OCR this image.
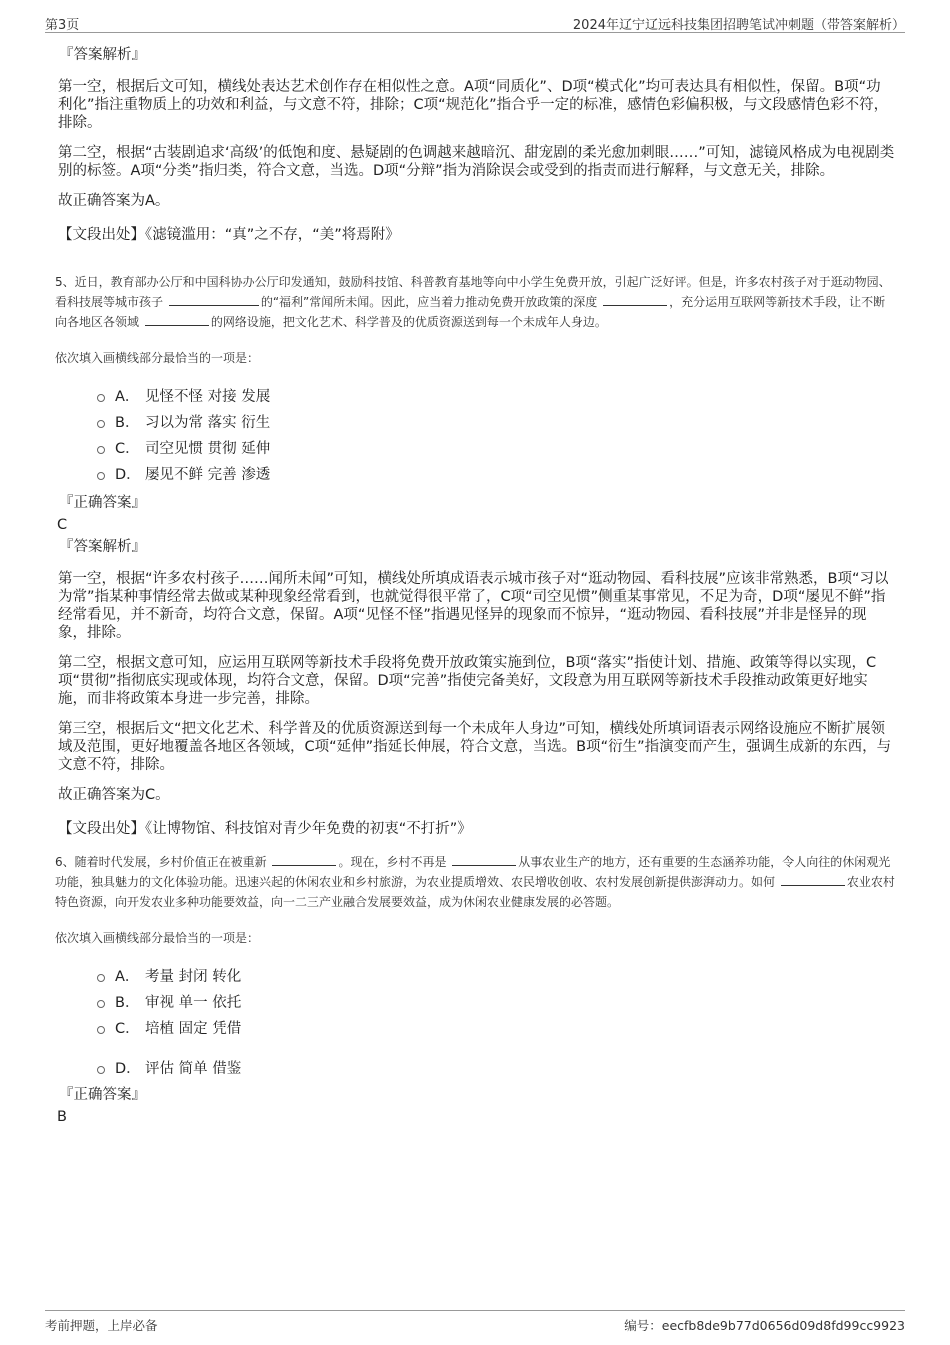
第3页	2024年辽宁辽远科技集团招聘笔试冲刺题（带答案解析）
『答案解析』

第一空，根据后文可知，横线处表达艺术创作存在相似性之意。A项“同质化”、D项“模式化”均可表达具有相似性，保留。B项“功利化”指注重物质上的功效和利益，与文意不符，排除；C项“规范化”指合乎一定的标准，感情色彩偏积极，与文段感情色彩不符，排除。

第二空，根据“古装剧追求‘高级’的低饱和度、悬疑剧的色调越来越暗沉、甜宠剧的柔光愈加刺眼……”可知，滤镜风格成为电视剧类别的标签。A项“分类”指归类，符合文意，当选。D项“分辩”指为消除误会或受到的指责而进行解释，与文意无关，排除。

故正确答案为A。

【文段出处】《滤镜滥用：“真”之不存，“美”将焉附》
5、近日，教育部办公厅和中国科协办公厅印发通知，鼓励科技馆、科普教育基地等向中小学生免费开放，引起广泛好评。但是，许多农村孩子对于逛动物园、看科技展等城市孩子	的“福利”常闻所未闻。因此，应当着力推动免费开放政策的深度	，充分运用互联网等新技术手段，让不断向各地区各领域	的网络设施，把文化艺术、科学普及的优质资源送到每一个未成年人身边。
依次填入画横线部分最恰当的一项是：
A． 见怪不怪 对接 发展
B． 习以为常 落实 衍生
C． 司空见惯 贯彻 延伸
D． 屡见不鲜 完善 渗透
『正确答案』
C
『答案解析』

第一空，根据“许多农村孩子……闻所未闻”可知，横线处所填成语表示城市孩子对“逛动物园、看科技展”应该非常熟悉，B项“习以为常”指某种事情经常去做或某种现象经常看到，也就觉得很平常了，C项“司空见惯”侧重某事常见，不足为奇，D项“屡见不鲜”指经常看见，并不新奇，均符合文意，保留。A项“见怪不怪”指遇见怪异的现象而不惊异，“逛动物园、看科技展”并非是怪异的现象，排除。

第二空，根据文意可知，应运用互联网等新技术手段将免费开放政策实施到位，B项“落实”指使计划、措施、政策等得以实现，C项“贯彻”指彻底实现或体现，均符合文意，保留。D项“完善”指使完备美好，文段意为用互联网等新技术手段推动政策更好地实施，而非将政策本身进一步完善，排除。

第三空，根据后文“把文化艺术、科学普及的优质资源送到每一个未成年人身边”可知，横线处所填词语表示网络设施应不断扩展领域及范围，更好地覆盖各地区各领域，C项“延伸”指延长伸展，符合文意，当选。B项“衍生”指演变而产生，强调生成新的东西，与文意不符，排除。

故正确答案为C。

【文段出处】《让博物馆、科技馆对青少年免费的初衷“不打折”》
6、随着时代发展，乡村价值正在被重新	。现在，乡村不再是	从事农业生产的地方，还有重要的生态涵养功能，令人向往的休闲观光功能，独具魅力的文化体验功能。迅速兴起的休闲农业和乡村旅游，为农业提质增效、农民增收创收、农村发展创新提供澎湃动力。如何	农业农村特色资源，向开发农业多种功能要效益，向一二三产业融合发展要效益，成为休闲农业健康发展的必答题。
依次填入画横线部分最恰当的一项是：
A． 考量 封闭 转化
B． 审视 单一 依托
C． 培植 固定 凭借
D． 评估 简单 借鉴
『正确答案』
B
考前押题，上岸必备	编号：eecfb8de9b77d0656d09d8fd99cc9923
